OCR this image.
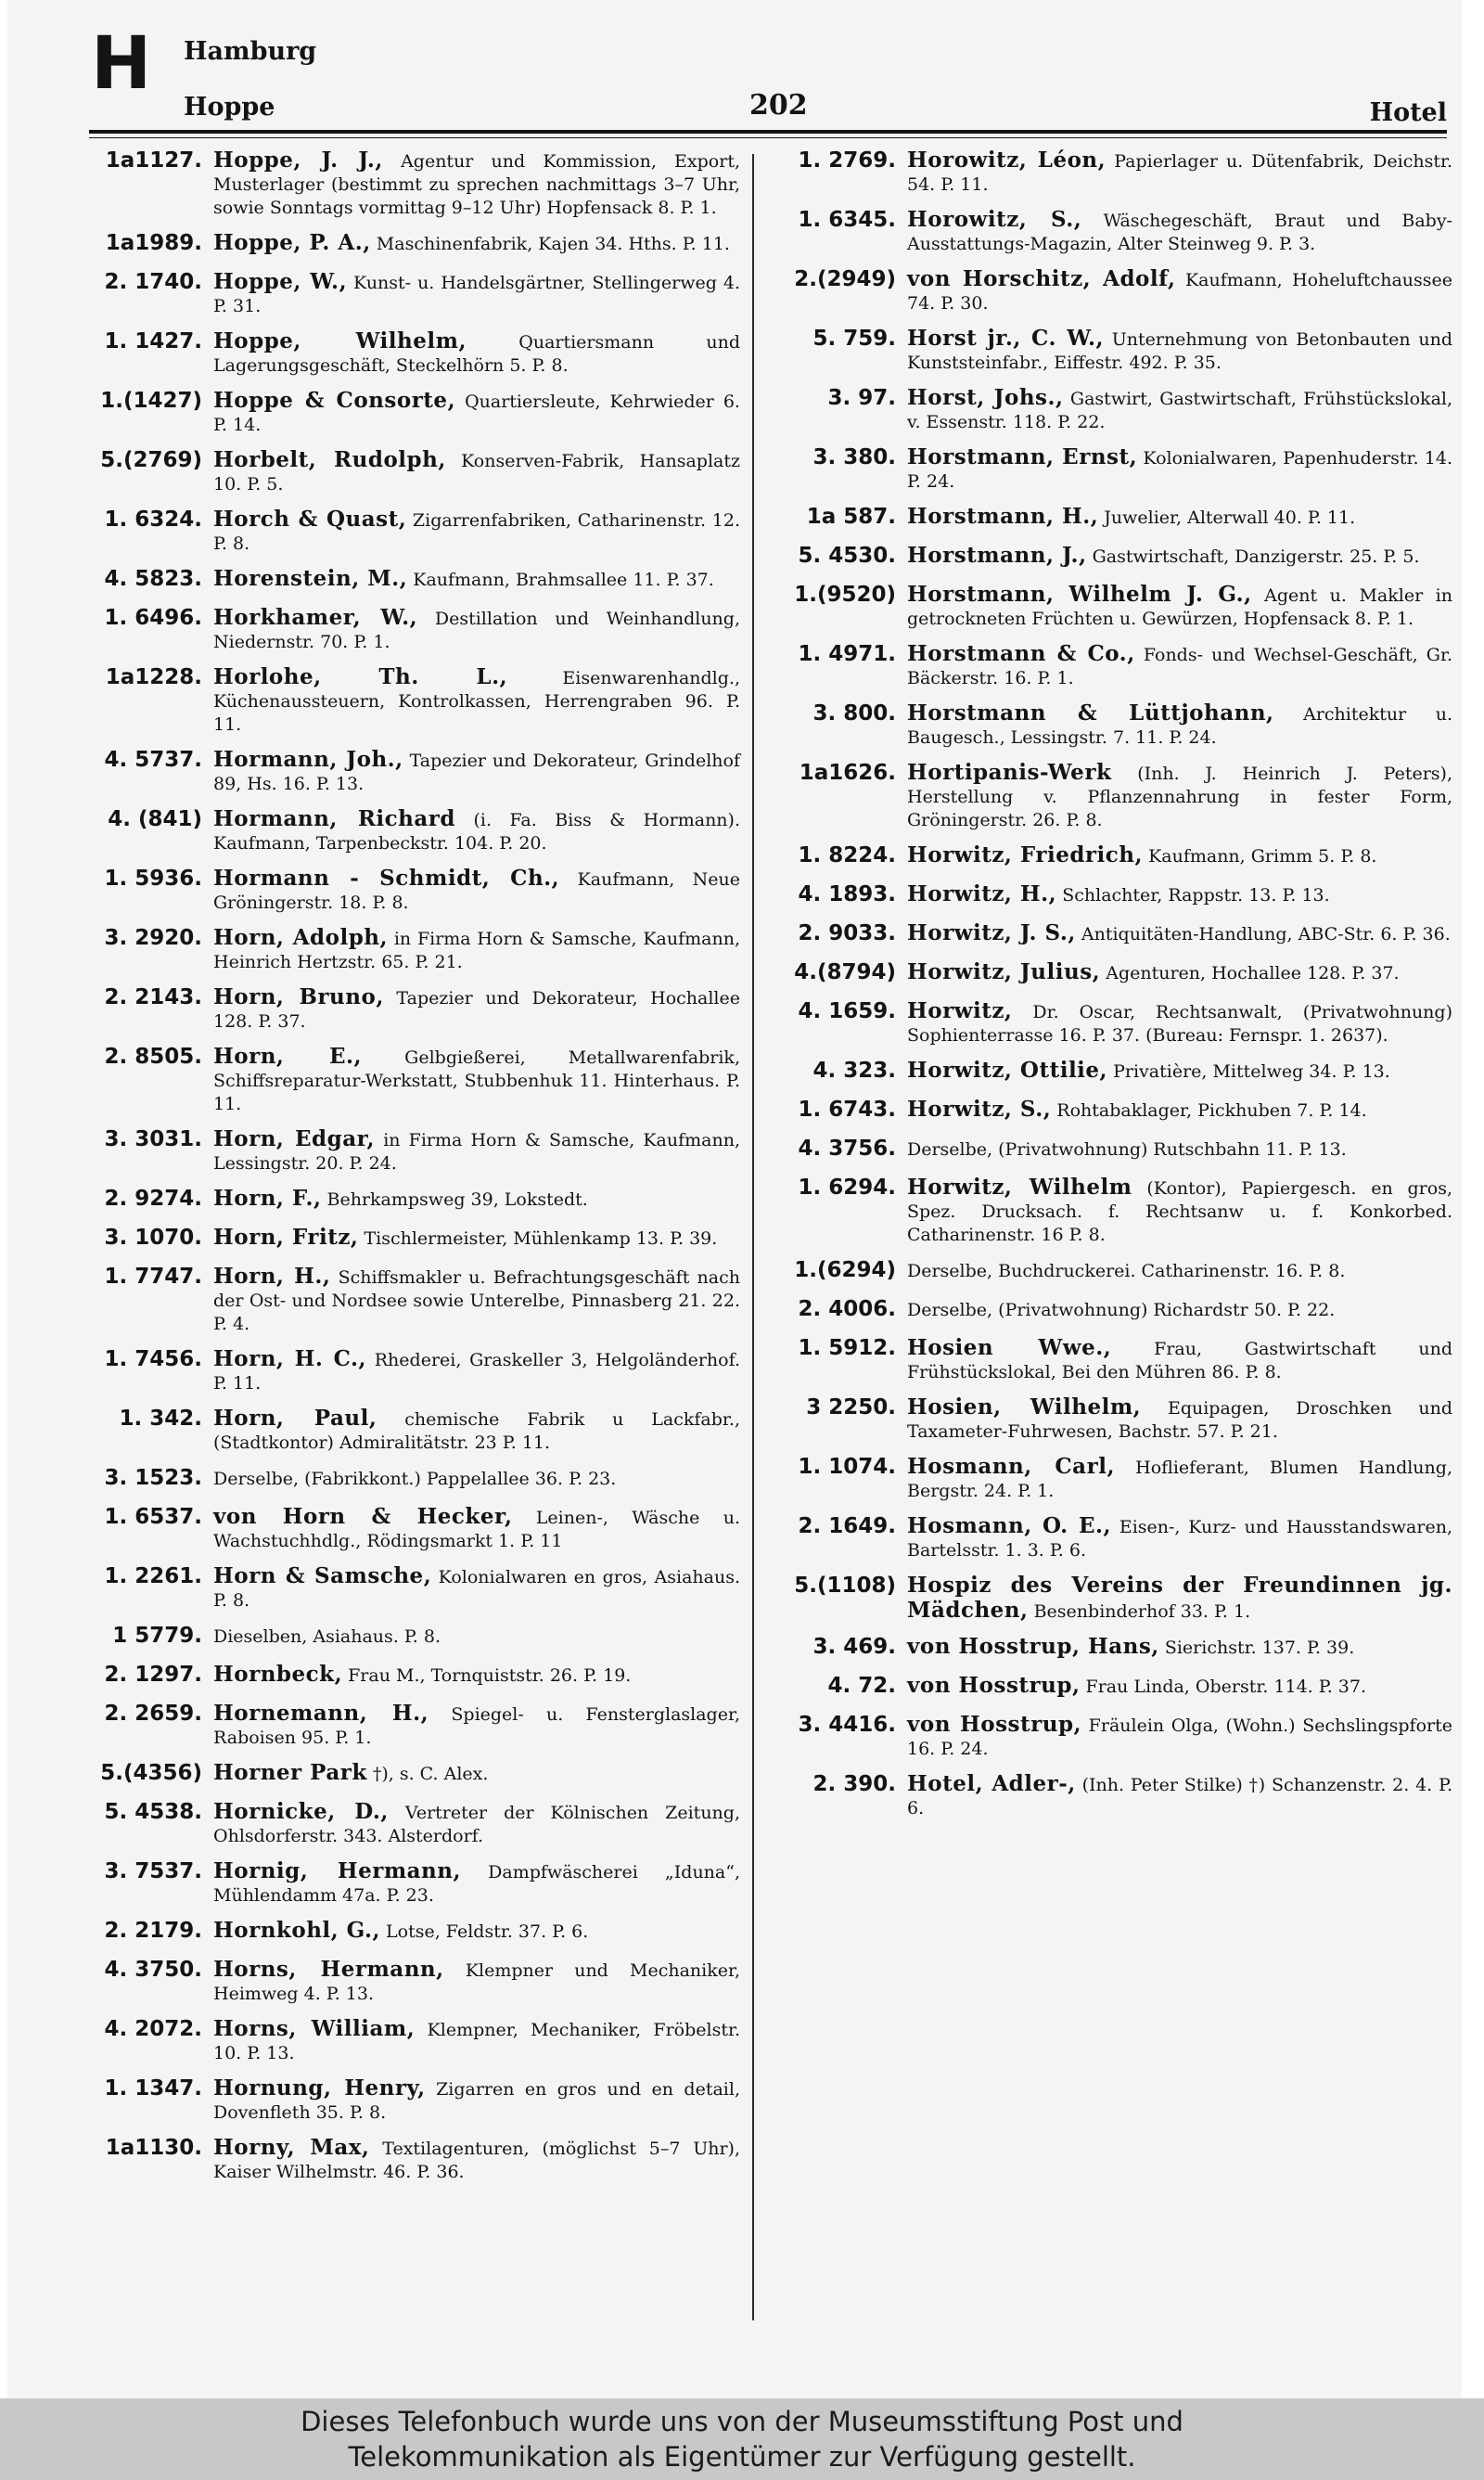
H Hamburg
Hoppe	202	Hotel
1a1127. Hoppe, J. J., Agentur und Kommission, Export, Musterlager (bestimmt zu sprechen nachmittags 3–7 Uhr, sowie Sonntags vormittag 9–12 Uhr) Hopfensack 8. P. 1.
1a1989. Hoppe, P. A., Maschinenfabrik, Kajen 34. Hths. P. 11.
2. 1740. Hoppe, W., Kunst- u. Handelsgärtner, Stellingerweg 4. P. 31.
1. 1427. Hoppe, Wilhelm,	Quartiersmann und Lagerungsgeschäft, Steckelhörn 5. P. 8.
1.(1427) Hoppe & Consorte, Quartiersleute, Kehrwieder 6. P. 14.
5.(2769) Horbelt, Rudolph, Konserven-Fabrik, Hansaplatz 10. P. 5.
1. 6324. Horch & Quast, Zigarrenfabriken, Catharinenstr. 12. P. 8.
4. 5823. Horenstein, M., Kaufmann, Brahmsallee 11. P. 37.
1. 6496. Horkhamer, W., Destillation und Weinhandlung, Niedernstr. 70. P. 1.
1a1228. Horlohe, Th. L.,	Eisenwarenhandlg., Küchenaussteuern, Kontrolkassen, Herrengraben 96. P. 11.
4. 5737. Hormann, Joh., Tapezier und Dekorateur, Grindelhof 89, Hs. 16. P. 13.
4. (841) Hormann, Richard (i. Fa. Biss & Hormann). Kaufmann, Tarpenbeckstr. 104. P. 20.
1. 5936. Hormann - Schmidt, Ch., Kaufmann, Neue Gröningerstr. 18. P. 8.
3. 2920. Horn, Adolph, in Firma Horn & Samsche, Kaufmann, Heinrich Hertzstr. 65. P. 21.
2. 2143. Horn, Bruno, Tapezier und Dekorateur, Hochallee 128. P. 37.
2. 8505. Horn, E., Gelbgießerei, Metallwarenfabrik, Schiffsreparatur-Werkstatt, Stubbenhuk 11. Hinterhaus. P. 11.
3. 3031. Horn, Edgar, in Firma Horn & Samsche, Kaufmann, Lessingstr. 20. P. 24.
2. 9274. Horn, F., Behrkampsweg 39, Lokstedt.
3. 1070. Horn, Fritz, Tischlermeister, Mühlenkamp 13. P. 39.
1. 7747. Horn, H., Schiffsmakler u. Befrachtungsgeschäft nach der Ost- und Nordsee sowie Unterelbe, Pinnasberg 21. 22. P. 4.
1. 7456. Horn, H. C., Rhederei, Graskeller 3, Helgoländerhof. P. 11.
1. 342. Horn, Paul, chemische Fabrik u Lackfabr., (Stadtkontor) Admiralitätstr. 23 P. 11.
3. 1523. Derselbe, (Fabrikkont.) Pappelallee 36. P. 23.
1. 6537. von Horn & Hecker, Leinen-, Wäsche u. Wachstuchhdlg., Rödingsmarkt 1. P. 11
1. 2261. Horn & Samsche, Kolonialwaren en gros, Asiahaus. P. 8.
1 5779. Dieselben, Asiahaus. P. 8.
2. 1297. Hornbeck, Frau M., Tornquiststr. 26. P. 19.
2. 2659. Hornemann, H., Spiegel- u. Fensterglaslager, Raboisen 95. P. 1.
5.(4356) Horner Park †), s. C. Alex.
5. 4538. Hornicke, D., Vertreter der Kölnischen Zeitung, Ohlsdorferstr. 343. Alsterdorf.
3. 7537. Hornig, Hermann, Dampfwäscherei „Iduna“, Mühlendamm 47a. P. 23.
2. 2179. Hornkohl, G., Lotse, Feldstr. 37. P. 6.
4. 3750. Horns, Hermann, Klempner und Mechaniker, Heimweg 4. P. 13.
4. 2072. Horns, William, Klempner, Mechaniker, Fröbelstr. 10. P. 13.
1. 1347. Hornung, Henry, Zigarren en gros und en detail, Dovenfleth 35. P. 8.
1a1130. Horny, Max, Textilagenturen, (möglichst 5–7 Uhr), Kaiser Wilhelmstr. 46. P. 36.
1. 2769. Horowitz, Léon, Papierlager u. Dütenfabrik, Deichstr. 54. P. 11.
1. 6345. Horowitz, S., Wäschegeschäft, Braut und Baby-Ausstattungs-Magazin, Alter Steinweg 9. P. 3.
2.(2949) von Horschitz, Adolf, Kaufmann, Hoheluftchaussee 74. P. 30.
5. 759. Horst jr., C. W., Unternehmung von Betonbauten und Kunststeinfabr., Eiffestr. 492. P. 35.
3. 97. Horst, Johs., Gastwirt, Gastwirtschaft, Frühstückslokal, v. Essenstr. 118. P. 22.
3. 380. Horstmann, Ernst, Kolonialwaren, Papenhuderstr. 14. P. 24.
1a 587. Horstmann, H., Juwelier, Alterwall 40. P. 11.
5. 4530. Horstmann, J., Gastwirtschaft, Danzigerstr. 25. P. 5.
1.(9520) Horstmann, Wilhelm J. G., Agent u. Makler in getrockneten Früchten u. Gewürzen, Hopfensack 8. P. 1.
1. 4971. Horstmann & Co., Fonds- und Wechsel-Geschäft, Gr. Bäckerstr. 16. P. 1.
3. 800. Horstmann & Lüttjohann, Architektur u. Baugesch., Lessingstr. 7. 11. P. 24.
1a1626. Hortipanis-Werk (Inh. J. Heinrich J. Peters), Herstellung v. Pflanzennahrung in fester Form, Gröningerstr. 26. P. 8.
1. 8224. Horwitz, Friedrich, Kaufmann, Grimm 5. P. 8.
4. 1893. Horwitz, H., Schlachter, Rappstr. 13. P. 13.
2. 9033. Horwitz, J. S., Antiquitäten-Handlung, ABC-Str. 6. P. 36.
4.(8794) Horwitz, Julius, Agenturen, Hochallee 128. P. 37.
4. 1659. Horwitz, Dr. Oscar, Rechtsanwalt, (Privatwohnung) Sophienterrasse 16. P. 37. (Bureau: Fernspr. 1. 2637).
4. 323. Horwitz, Ottilie, Privatière, Mittelweg 34. P. 13.
1. 6743. Horwitz, S., Rohtabaklager, Pickhuben 7. P. 14.
4. 3756. Derselbe, (Privatwohnung) Rutschbahn 11. P. 13.
1. 6294. Horwitz, Wilhelm (Kontor), Papiergesch. en gros, Spez. Drucksach. f. Rechtsanw u. f. Konkorbed. Catharinenstr. 16 P. 8.
1.(6294) Derselbe, Buchdruckerei. Catharinenstr. 16. P. 8.
2. 4006. Derselbe, (Privatwohnung) Richardstr 50. P. 22.
1. 5912. Hosien Wwe., Frau, Gastwirtschaft und Frühstückslokal, Bei den Mühren 86. P. 8.
3 2250. Hosien, Wilhelm, Equipagen, Droschken und Taxameter-Fuhrwesen, Bachstr. 57. P. 21.
1. 1074. Hosmann, Carl, Hoflieferant, Blumen Handlung, Bergstr. 24. P. 1.
2. 1649. Hosmann, O. E., Eisen-, Kurz- und Hausstandswaren, Bartelsstr. 1. 3. P. 6.
5.(1108) Hospiz des Vereins der Freundinnen jg. Mädchen, Besenbinderhof 33. P. 1.
3. 469. von Hosstrup, Hans, Sierichstr. 137. P. 39.
4. 72. von Hosstrup, Frau Linda, Oberstr. 114. P. 37.
3. 4416. von Hosstrup, Fräulein Olga, (Wohn.) Sechslingspforte 16. P. 24.
2. 390. Hotel, Adler-, (Inh. Peter Stilke) †) Schanzenstr. 2. 4. P. 6.
Dieses Telefonbuch wurde uns von der Museumsstiftung Post und
Telekommunikation als Eigentümer zur Verfügung gestellt.
